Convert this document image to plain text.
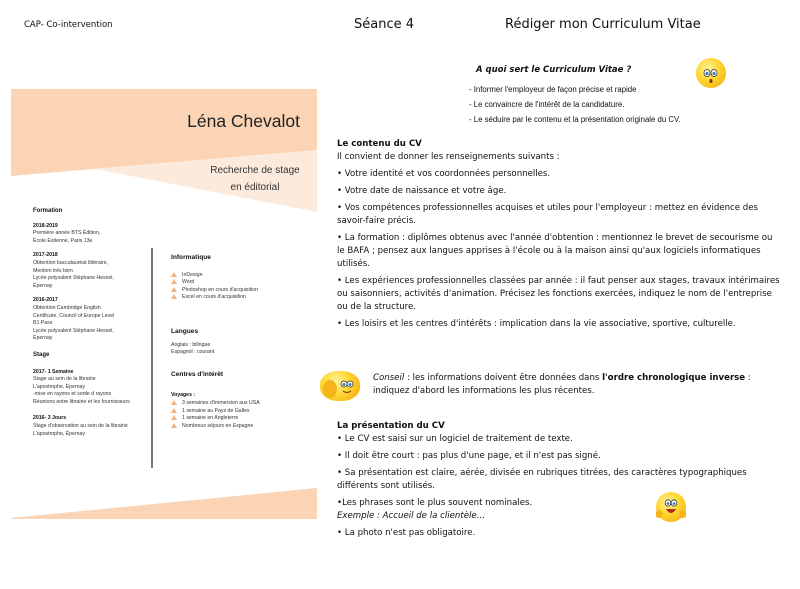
CAP- Co-intervention	Séance 4	Rédiger mon Curriculum Vitae
Léna Chevalot
Recherche de stage
en éditorial
Formation
2018-2019
Première année BTS Édition,
École Estienne, Paris 13e
2017-2018
Obtention baccalauréat littéraire,
Mention très bien
Lycée polyvalent Stéphane Hessel,
Épernay
2016-2017
Obtention Cambridge English
Certificate, Council of Europe Level
B1 Pass
Lycée polyvalent Stéphane Hessel,
Épernay
Stage
2017- 1 Semaine
Stage au sein de la librairie
L'apostrophe, Épernay
-mise en rayons et sortie d rayons
Réunions entre librairie et les fournisseurs
2016- 3 Jours
Stage d'observation au sein de la librairie
L'apostrophe, Épernay
Informatique
InDesign
Word
Photoshop en cours d'acquisition
Excel en cours d'acquisition
Langues
Anglais : bilingue
Espagnol : courant
Centres d'intérêt
Voyages :
3 semaines d'immersion aux USA
1 semaine au Pays de Galles
1 semaine en Angleterre
Nombreux séjours en Espagne
A quoi sert le Curriculum Vitae ?
- Informer l'employeur de façon précise et rapide
- Le convaincre de l'intérêt de la candidature.
- Le séduire par le contenu et la présentation originale du CV.
Le contenu du CV

Il convient de donner les renseignements suivants :

• Votre identité et vos coordonnées personnelles.

• Votre date de naissance et votre âge.

• Vos compétences professionnelles acquises et utiles pour l'employeur : mettez en évidence des savoir-faire précis.

• La formation : diplômes obtenus avec l'année d'obtention : mentionnez le brevet de secourisme ou le BAFA ; pensez aux langues apprises à l'école ou à la maison ainsi qu'aux logiciels informatiques utilisés.

• Les expériences professionnelles classées par année : il faut penser aux stages, travaux intérimaires ou saisonniers, activités d'animation. Précisez les fonctions exercées, indiquez le nom de l'entreprise ou de la structure.

• Les loisirs et les centres d'intérêts : implication dans la vie associative, sportive, culturelle.

Conseil : les informations doivent être données dans l'ordre chronologique inverse : indiquez d'abord les informations les plus récentes.
La présentation du CV

• Le CV est saisi sur un logiciel de traitement de texte.

• Il doit être court : pas plus d'une page, et il n'est pas signé.

• Sa présentation est claire, aérée, divisée en rubriques titrées, des caractères typographiques différents sont utilisés.

•Les phrases sont le plus souvent nominales.

Exemple : Accueil de la clientèle…

• La photo n'est pas obligatoire.
